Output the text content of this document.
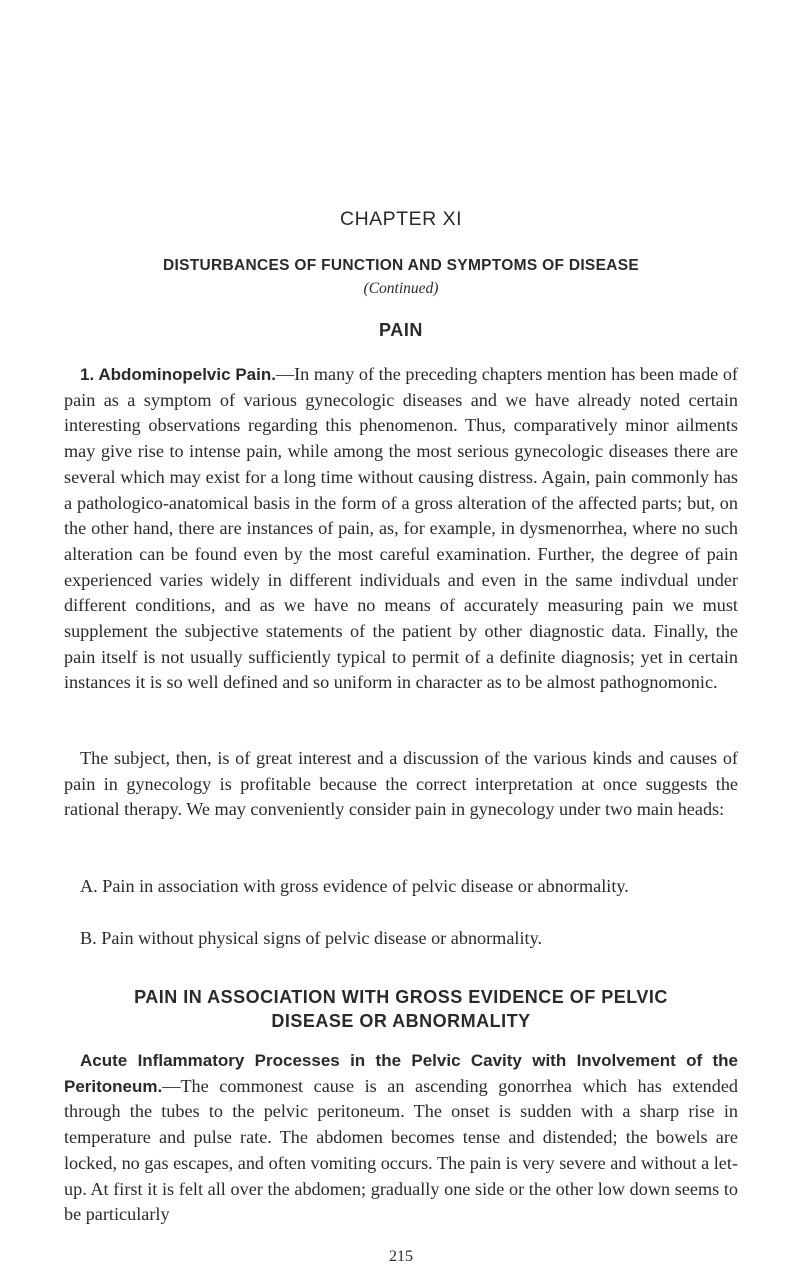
CHAPTER XI
DISTURBANCES OF FUNCTION AND SYMPTOMS OF DISEASE

(Continued)

PAIN

1. Abdominopelvic Pain.—In many of the preceding chapters mention has been made of pain as a symptom of various gynecologic diseases and we have already noted certain interesting observations regarding this phenomenon. Thus, comparatively minor ailments may give rise to intense pain, while among the most serious gynecologic diseases there are several which may exist for a long time without causing distress. Again, pain commonly has a pathologico-anatomical basis in the form of a gross alteration of the affected parts; but, on the other hand, there are instances of pain, as, for example, in dysmenorrhea, where no such alteration can be found even by the most careful examination. Further, the degree of pain experienced varies widely in different individuals and even in the same indivdual under different conditions, and as we have no means of accurately measuring pain we must supplement the subjective statements of the patient by other diagnostic data. Finally, the pain itself is not usually sufficiently typical to permit of a definite diagnosis; yet in certain instances it is so well defined and so uniform in character as to be almost pathognomonic.

The subject, then, is of great interest and a discussion of the various kinds and causes of pain in gynecology is profitable because the correct interpretation at once suggests the rational therapy. We may conveniently consider pain in gynecology under two main heads:

A. Pain in association with gross evidence of pelvic disease or abnormality.

B. Pain without physical signs of pelvic disease or abnormality.

PAIN IN ASSOCIATION WITH GROSS EVIDENCE OF PELVIC
DISEASE OR ABNORMALITY

Acute Inflammatory Processes in the Pelvic Cavity with Involvement of the Peritoneum.—The commonest cause is an ascending gonorrhea which has extended through the tubes to the pelvic peritoneum. The onset is sudden with a sharp rise in temperature and pulse rate. The abdomen becomes tense and distended; the bowels are locked, no gas escapes, and often vomiting occurs. The pain is very severe and without a let-up. At first it is felt all over the abdomen; gradually one side or the other low down seems to be particularly

215
